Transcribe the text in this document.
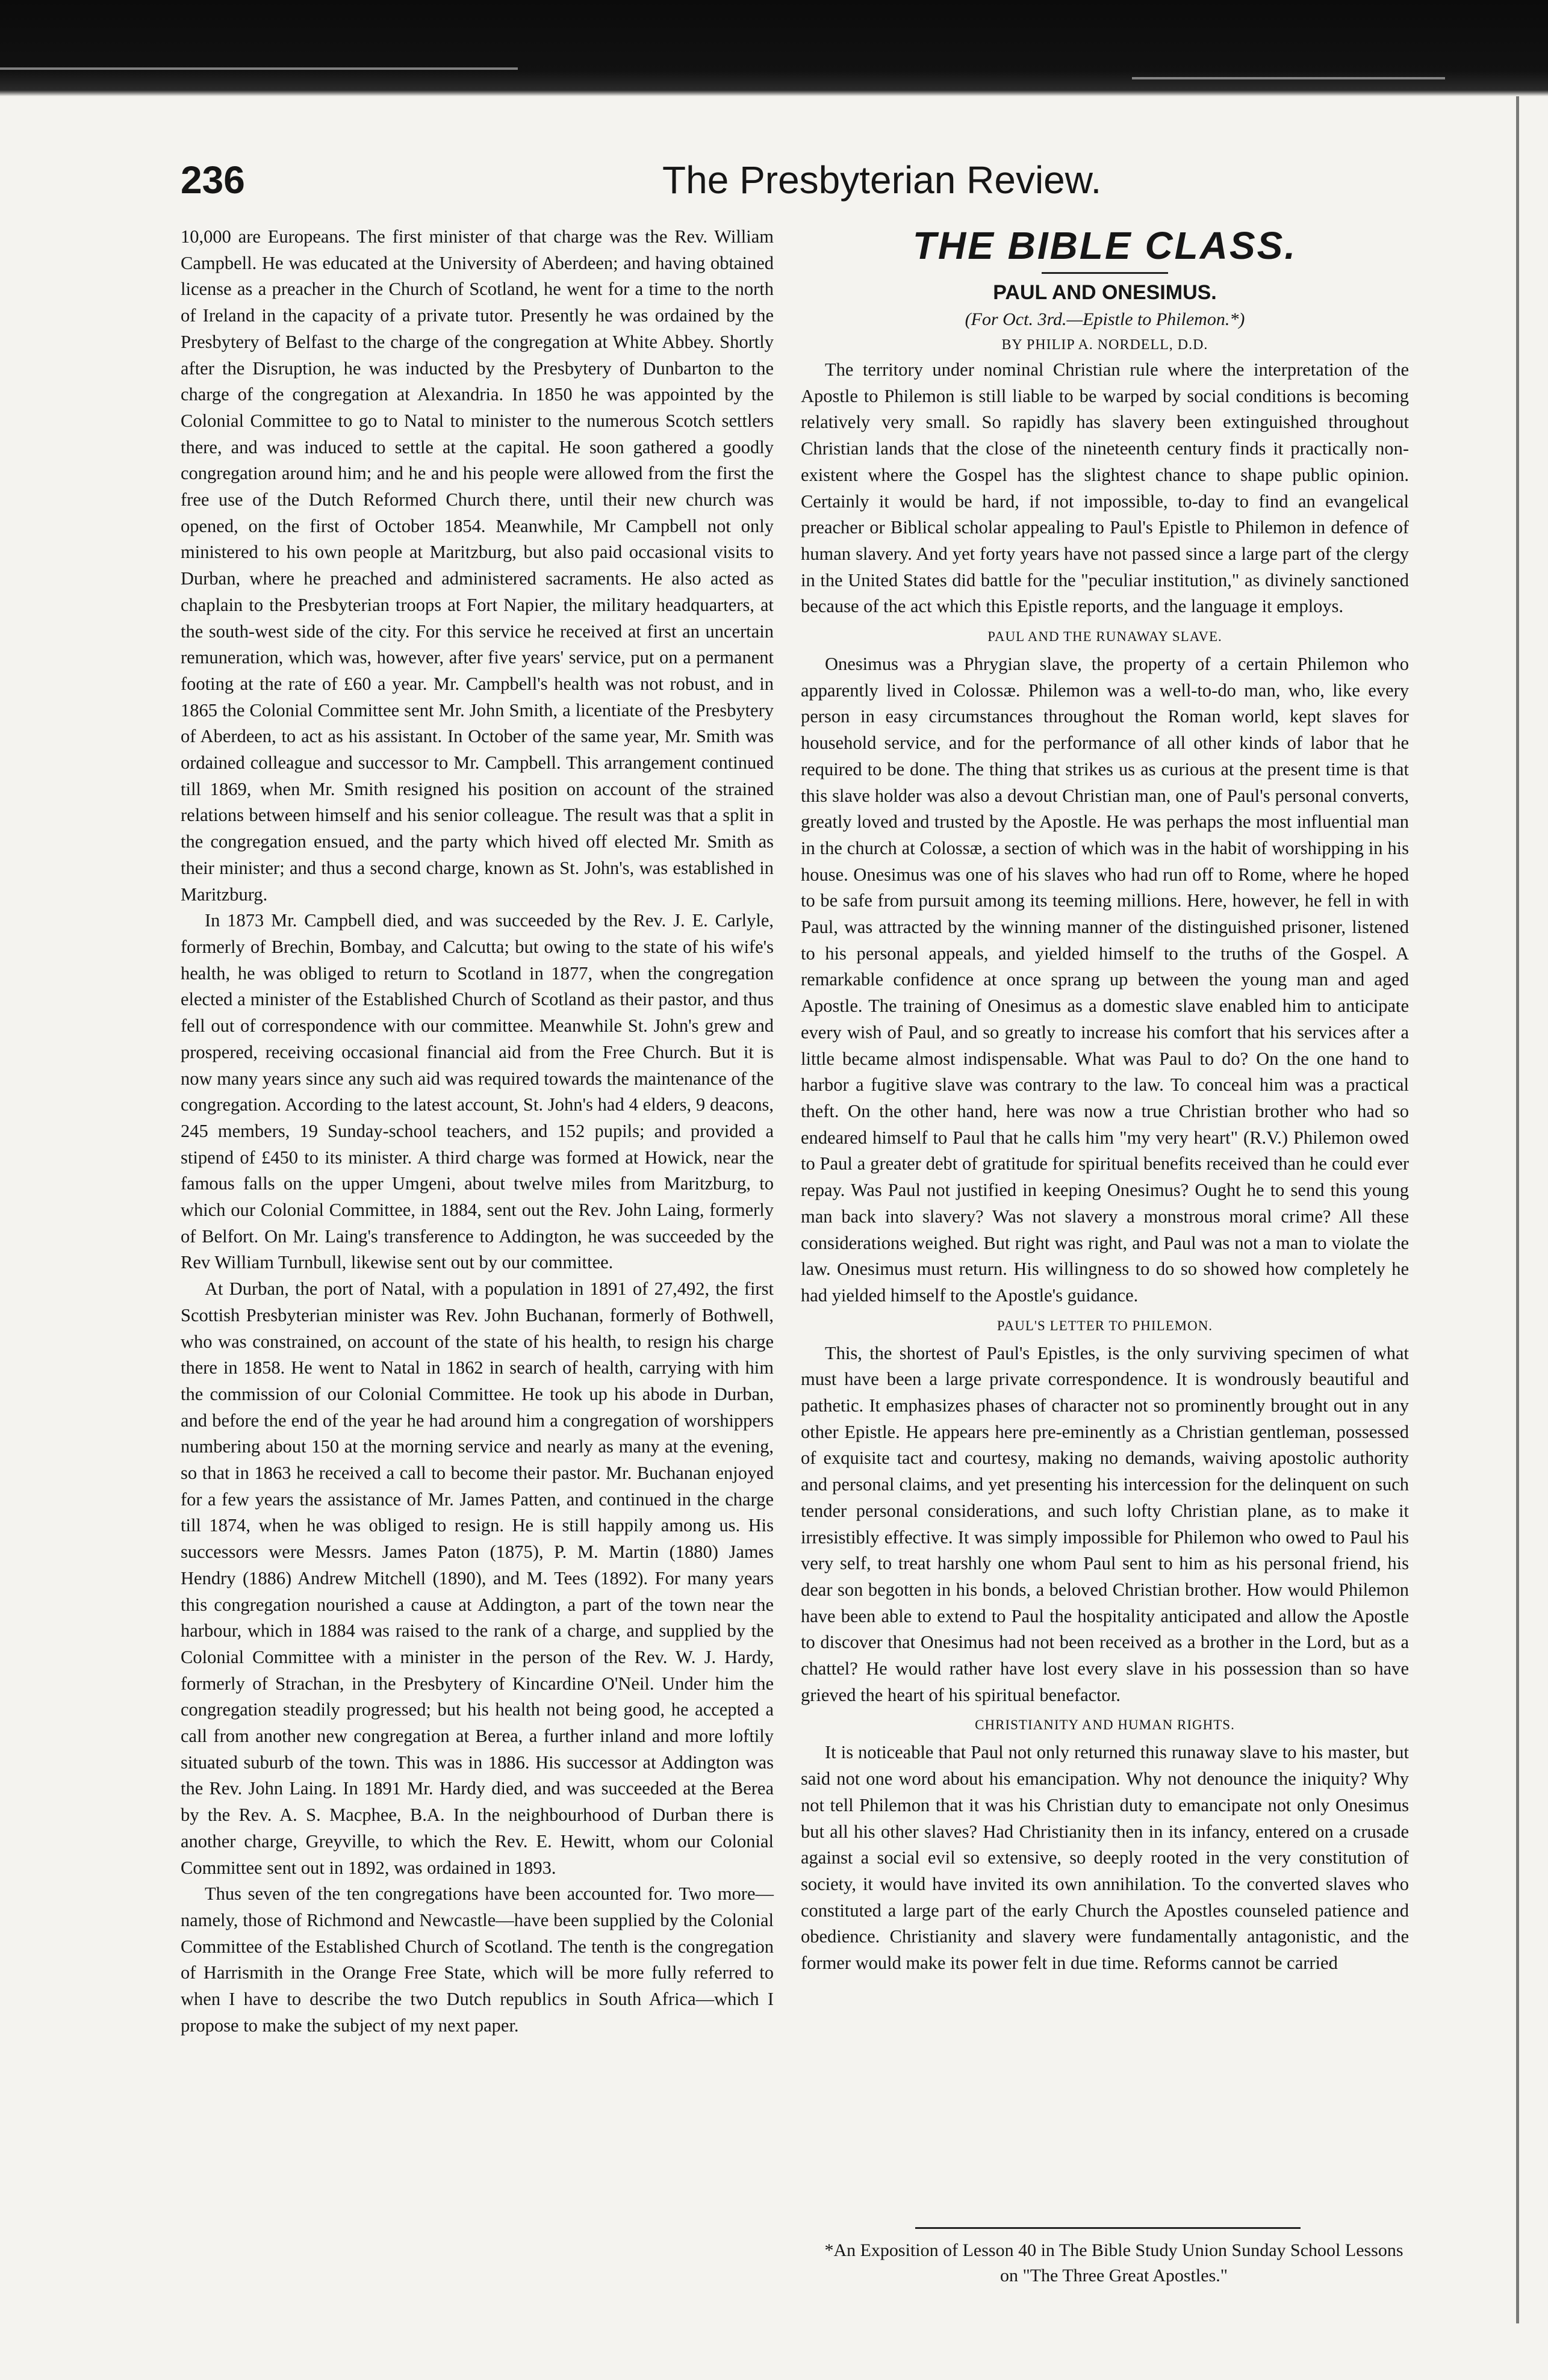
236	The Presbyterian Review.

10,000 are Europeans. The first minister of that charge was the Rev. William Campbell. He was educated at the University of Aberdeen; and having obtained license as a preacher in the Church of Scotland, he went for a time to the north of Ireland in the capacity of a private tutor. Presently he was ordained by the Presbytery of Belfast to the charge of the congregation at White Abbey. Shortly after the Disruption, he was inducted by the Presbytery of Dunbarton to the charge of the congregation at Alexandria. In 1850 he was appointed by the Colonial Committee to go to Natal to minister to the numerous Scotch settlers there, and was induced to settle at the capital. He soon gathered a goodly congregation around him; and he and his people were allowed from the first the free use of the Dutch Reformed Church there, until their new church was opened, on the first of October 1854. Meanwhile, Mr Campbell not only ministered to his own people at Maritzburg, but also paid occasional visits to Durban, where he preached and administered sacraments. He also acted as chaplain to the Presbyterian troops at Fort Napier, the military headquarters, at the south-west side of the city. For this service he received at first an uncertain remuneration, which was, however, after five years' service, put on a permanent footing at the rate of £60 a year. Mr. Campbell's health was not robust, and in 1865 the Colonial Committee sent Mr. John Smith, a licentiate of the Presbytery of Aberdeen, to act as his assistant. In October of the same year, Mr. Smith was ordained colleague and successor to Mr. Campbell. This arrangement continued till 1869, when Mr. Smith resigned his position on account of the strained relations between himself and his senior colleague. The result was that a split in the congregation ensued, and the party which hived off elected Mr. Smith as their minister; and thus a second charge, known as St. John's, was established in Maritzburg.

In 1873 Mr. Campbell died, and was succeeded by the Rev. J. E. Carlyle, formerly of Brechin, Bombay, and Calcutta; but owing to the state of his wife's health, he was obliged to return to Scotland in 1877, when the congregation elected a minister of the Established Church of Scotland as their pastor, and thus fell out of correspondence with our committee. Meanwhile St. John's grew and prospered, receiving occasional financial aid from the Free Church. But it is now many years since any such aid was required towards the maintenance of the congregation. According to the latest account, St. John's had 4 elders, 9 deacons, 245 members, 19 Sunday-school teachers, and 152 pupils; and provided a stipend of £450 to its minister. A third charge was formed at Howick, near the famous falls on the upper Umgeni, about twelve miles from Maritzburg, to which our Colonial Committee, in 1884, sent out the Rev. John Laing, formerly of Belfort. On Mr. Laing's transference to Addington, he was succeeded by the Rev William Turnbull, likewise sent out by our committee.

At Durban, the port of Natal, with a population in 1891 of 27,492, the first Scottish Presbyterian minister was Rev. John Buchanan, formerly of Bothwell, who was constrained, on account of the state of his health, to resign his charge there in 1858. He went to Natal in 1862 in search of health, carrying with him the commission of our Colonial Committee. He took up his abode in Durban, and before the end of the year he had around him a congregation of worshippers numbering about 150 at the morning service and nearly as many at the evening, so that in 1863 he received a call to become their pastor. Mr. Buchanan enjoyed for a few years the assistance of Mr. James Patten, and continued in the charge till 1874, when he was obliged to resign. He is still happily among us. His successors were Messrs. James Paton (1875), P. M. Martin (1880) James Hendry (1886) Andrew Mitchell (1890), and M. Tees (1892). For many years this congregation nourished a cause at Addington, a part of the town near the harbour, which in 1884 was raised to the rank of a charge, and supplied by the Colonial Committee with a minister in the person of the Rev. W. J. Hardy, formerly of Strachan, in the Presbytery of Kincardine O'Neil. Under him the congregation steadily progressed; but his health not being good, he accepted a call from another new congregation at Berea, a further inland and more loftily situated suburb of the town. This was in 1886. His successor at Addington was the Rev. John Laing. In 1891 Mr. Hardy died, and was succeeded at the Berea by the Rev. A. S. Macphee, B.A. In the neighbourhood of Durban there is another charge, Greyville, to which the Rev. E. Hewitt, whom our Colonial Committee sent out in 1892, was ordained in 1893.

Thus seven of the ten congregations have been accounted for. Two more—namely, those of Richmond and Newcastle—have been supplied by the Colonial Committee of the Established Church of Scotland. The tenth is the congregation of Harrismith in the Orange Free State, which will be more fully referred to when I have to describe the two Dutch republics in South Africa—which I propose to make the subject of my next paper.

THE BIBLE CLASS.
PAUL AND ONESIMUS.
(For Oct. 3rd.—Epistle to Philemon.*)
BY PHILIP A. NORDELL, D.D.

The territory under nominal Christian rule where the interpretation of the Apostle to Philemon is still liable to be warped by social conditions is becoming relatively very small. So rapidly has slavery been extinguished throughout Christian lands that the close of the nineteenth century finds it practically non-existent where the Gospel has the slightest chance to shape public opinion. Certainly it would be hard, if not impossible, to-day to find an evangelical preacher or Biblical scholar appealing to Paul's Epistle to Philemon in defence of human slavery. And yet forty years have not passed since a large part of the clergy in the United States did battle for the "peculiar institution," as divinely sanctioned because of the act which this Epistle reports, and the language it employs.

PAUL AND THE RUNAWAY SLAVE.

Onesimus was a Phrygian slave, the property of a certain Philemon who apparently lived in Colossæ. Philemon was a well-to-do man, who, like every person in easy circumstances throughout the Roman world, kept slaves for household service, and for the performance of all other kinds of labor that he required to be done. The thing that strikes us as curious at the present time is that this slave holder was also a devout Christian man, one of Paul's personal converts, greatly loved and trusted by the Apostle. He was perhaps the most influential man in the church at Colossæ, a section of which was in the habit of worshipping in his house. Onesimus was one of his slaves who had run off to Rome, where he hoped to be safe from pursuit among its teeming millions. Here, however, he fell in with Paul, was attracted by the winning manner of the distinguished prisoner, listened to his personal appeals, and yielded himself to the truths of the Gospel. A remarkable confidence at once sprang up between the young man and aged Apostle. The training of Onesimus as a domestic slave enabled him to anticipate every wish of Paul, and so greatly to increase his comfort that his services after a little became almost indispensable. What was Paul to do? On the one hand to harbor a fugitive slave was contrary to the law. To conceal him was a practical theft. On the other hand, here was now a true Christian brother who had so endeared himself to Paul that he calls him "my very heart" (R.V.) Philemon owed to Paul a greater debt of gratitude for spiritual benefits received than he could ever repay. Was Paul not justified in keeping Onesimus? Ought he to send this young man back into slavery? Was not slavery a monstrous moral crime? All these considerations weighed. But right was right, and Paul was not a man to violate the law. Onesimus must return. His willingness to do so showed how completely he had yielded himself to the Apostle's guidance.

PAUL'S LETTER TO PHILEMON.

This, the shortest of Paul's Epistles, is the only surviving specimen of what must have been a large private correspondence. It is wondrously beautiful and pathetic. It emphasizes phases of character not so prominently brought out in any other Epistle. He appears here pre-eminently as a Christian gentleman, possessed of exquisite tact and courtesy, making no demands, waiving apostolic authority and personal claims, and yet presenting his intercession for the delinquent on such tender personal considerations, and such lofty Christian plane, as to make it irresistibly effective. It was simply impossible for Philemon who owed to Paul his very self, to treat harshly one whom Paul sent to him as his personal friend, his dear son begotten in his bonds, a beloved Christian brother. How would Philemon have been able to extend to Paul the hospitality anticipated and allow the Apostle to discover that Onesimus had not been received as a brother in the Lord, but as a chattel? He would rather have lost every slave in his possession than so have grieved the heart of his spiritual benefactor.

CHRISTIANITY AND HUMAN RIGHTS.

It is noticeable that Paul not only returned this runaway slave to his master, but said not one word about his emancipation. Why not denounce the iniquity? Why not tell Philemon that it was his Christian duty to emancipate not only Onesimus but all his other slaves? Had Christianity then in its infancy, entered on a crusade against a social evil so extensive, so deeply rooted in the very constitution of society, it would have invited its own annihilation. To the converted slaves who constituted a large part of the early Church the Apostles counseled patience and obedience. Christianity and slavery were fundamentally antagonistic, and the former would make its power felt in due time. Reforms cannot be carried

*An Exposition of Lesson 40 in The Bible Study Union Sunday School Lessons on "The Three Great Apostles."
